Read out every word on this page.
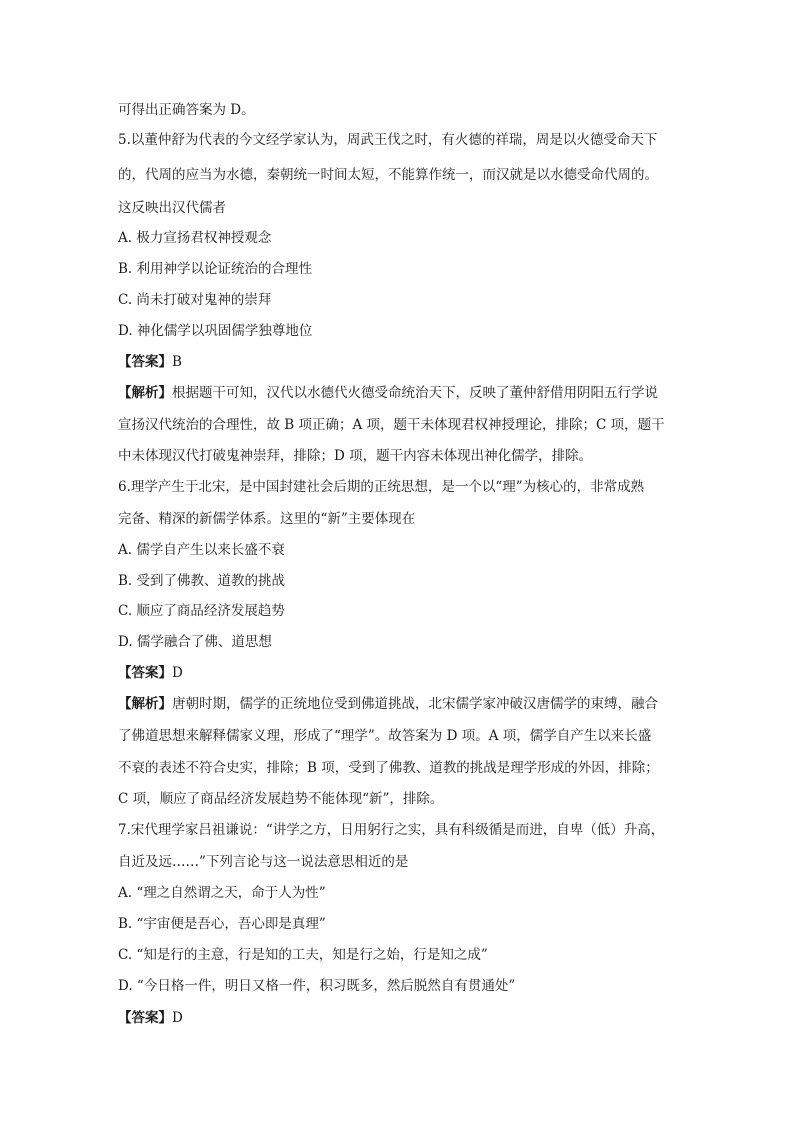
可得出正确答案为 D。
5.以董仲舒为代表的今文经学家认为，周武王伐之时，有火德的祥瑞，周是以火德受命天下
的，代周的应当为水德，秦朝统一时间太短，不能算作统一，而汉就是以水德受命代周的。
这反映出汉代儒者
A. 极力宣扬君权神授观念
B. 利用神学以论证统治的合理性
C. 尚未打破对鬼神的崇拜
D. 神化儒学以巩固儒学独尊地位
【答案】B
【解析】根据题干可知，汉代以水德代火德受命统治天下，反映了董仲舒借用阴阳五行学说
宣扬汉代统治的合理性，故 B 项正确；A 项，题干未体现君权神授理论，排除；C 项，题干
中未体现汉代打破鬼神崇拜，排除；D 项，题干内容未体现出神化儒学，排除。
6.理学产生于北宋，是中国封建社会后期的正统思想，是一个以“理”为核心的，非常成熟
完备、精深的新儒学体系。这里的“新”主要体现在
A. 儒学自产生以来长盛不衰
B. 受到了佛教、道教的挑战
C. 顺应了商品经济发展趋势
D. 儒学融合了佛、道思想
【答案】D
【解析】唐朝时期，儒学的正统地位受到佛道挑战，北宋儒学家冲破汉唐儒学的束缚，融合
了佛道思想来解释儒家义理，形成了“理学”。故答案为 D 项。A 项，儒学自产生以来长盛
不衰的表述不符合史实，排除；B 项，受到了佛教、道教的挑战是理学形成的外因，排除；
C 项，顺应了商品经济发展趋势不能体现“新”，排除。
7.宋代理学家吕祖谦说：“讲学之方，日用躬行之实，具有科级循是而进，自卑（低）升高，
自近及远……”下列言论与这一说法意思相近的是
A. “理之自然谓之天，命于人为性”
B. “宇宙便是吾心，吾心即是真理”
C. “知是行的主意，行是知的工夫，知是行之始，行是知之成”
D. “今日格一件，明日又格一件，积习既多，然后脱然自有贯通处”
【答案】D
